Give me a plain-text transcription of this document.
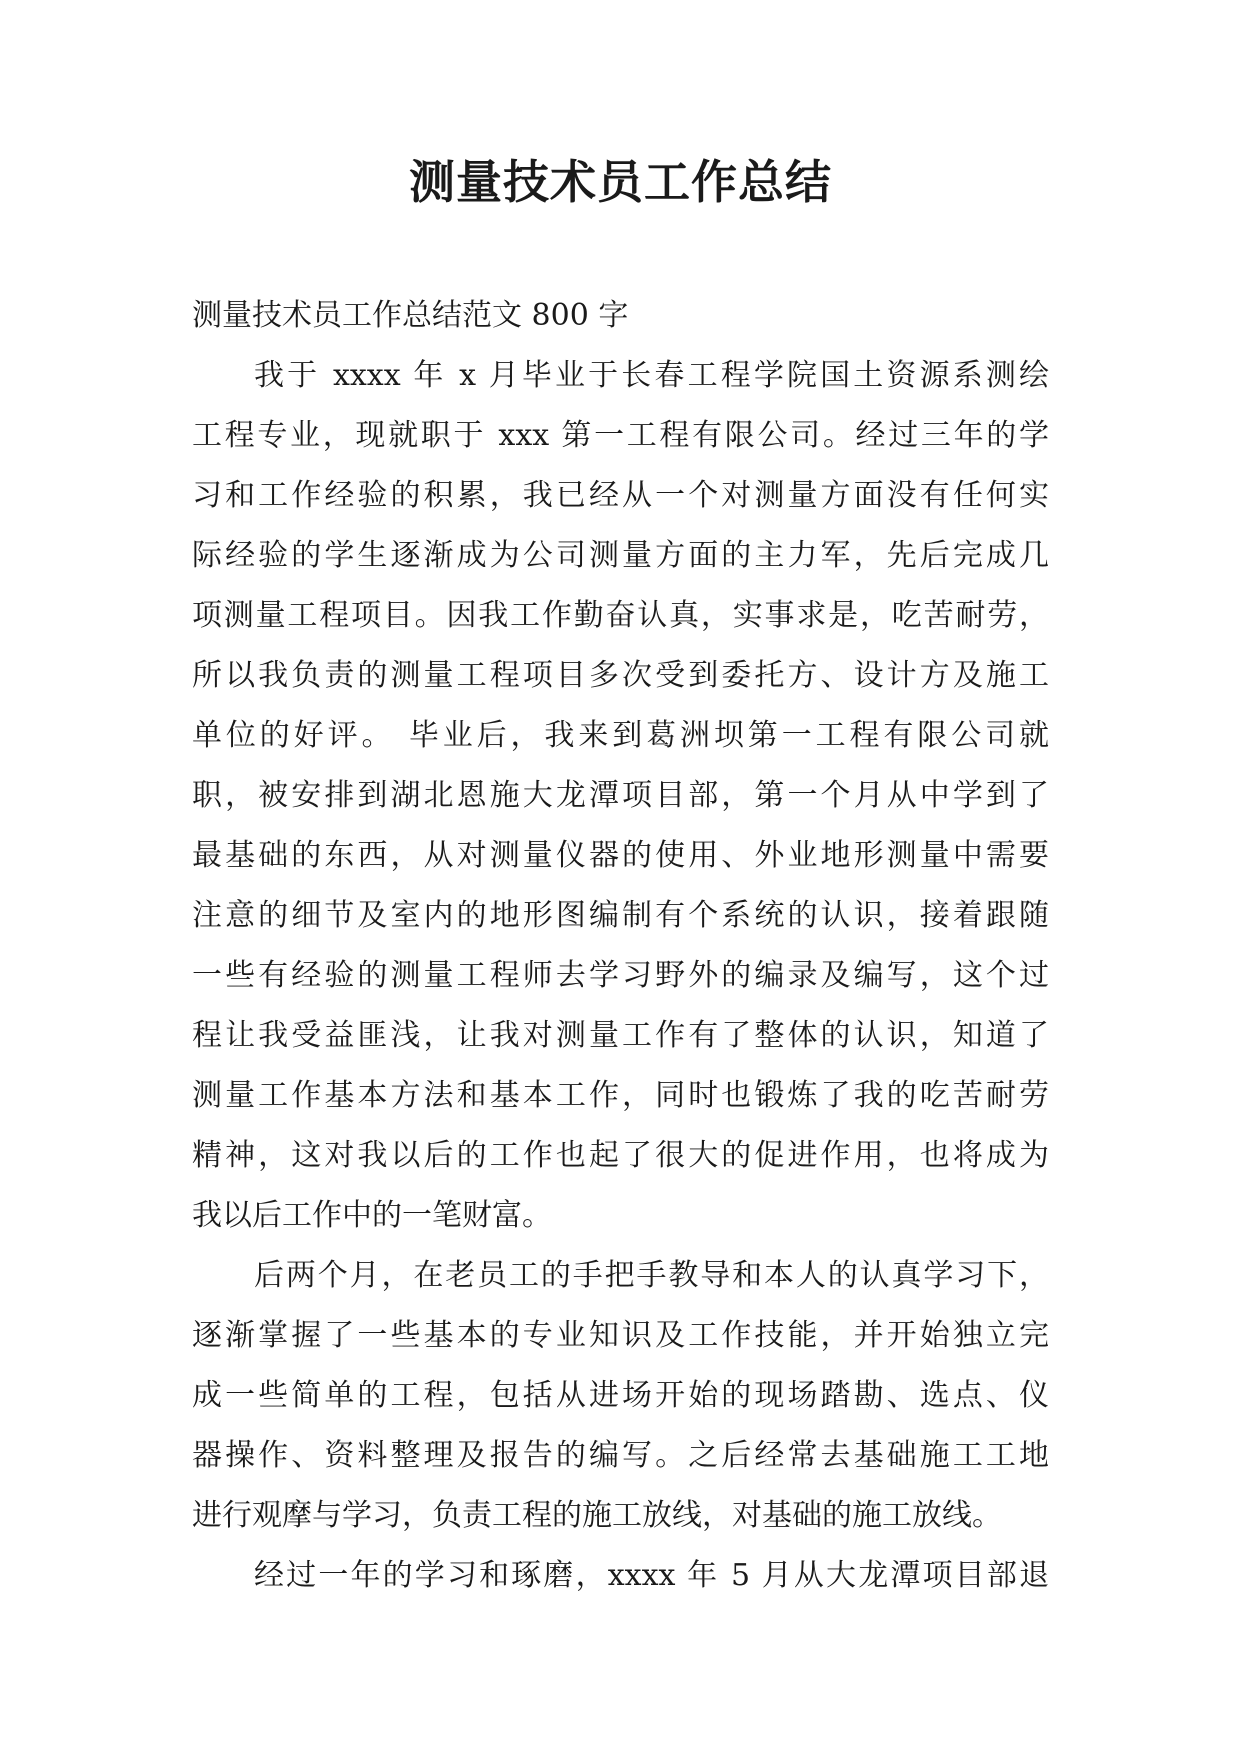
测量技术员工作总结
测量技术员工作总结范文 800 字
我于 xxxx 年 x 月毕业于长春工程学院国土资源系测绘
工程专业，现就职于 xxx 第一工程有限公司。经过三年的学
习和工作经验的积累，我已经从一个对测量方面没有任何实
际经验的学生逐渐成为公司测量方面的主力军，先后完成几
项测量工程项目。因我工作勤奋认真，实事求是，吃苦耐劳，
所以我负责的测量工程项目多次受到委托方、设计方及施工
单位的好评。 毕业后，我来到葛洲坝第一工程有限公司就
职，被安排到湖北恩施大龙潭项目部，第一个月从中学到了
最基础的东西，从对测量仪器的使用、外业地形测量中需要
注意的细节及室内的地形图编制有个系统的认识，接着跟随
一些有经验的测量工程师去学习野外的编录及编写，这个过
程让我受益匪浅，让我对测量工作有了整体的认识，知道了
测量工作基本方法和基本工作，同时也锻炼了我的吃苦耐劳
精神，这对我以后的工作也起了很大的促进作用，也将成为
我以后工作中的一笔财富。
后两个月，在老员工的手把手教导和本人的认真学习下，
逐渐掌握了一些基本的专业知识及工作技能，并开始独立完
成一些简单的工程，包括从进场开始的现场踏勘、选点、仪
器操作、资料整理及报告的编写。之后经常去基础施工工地
进行观摩与学习，负责工程的施工放线，对基础的施工放线。
经过一年的学习和琢磨，xxxx 年 5 月从大龙潭项目部退
